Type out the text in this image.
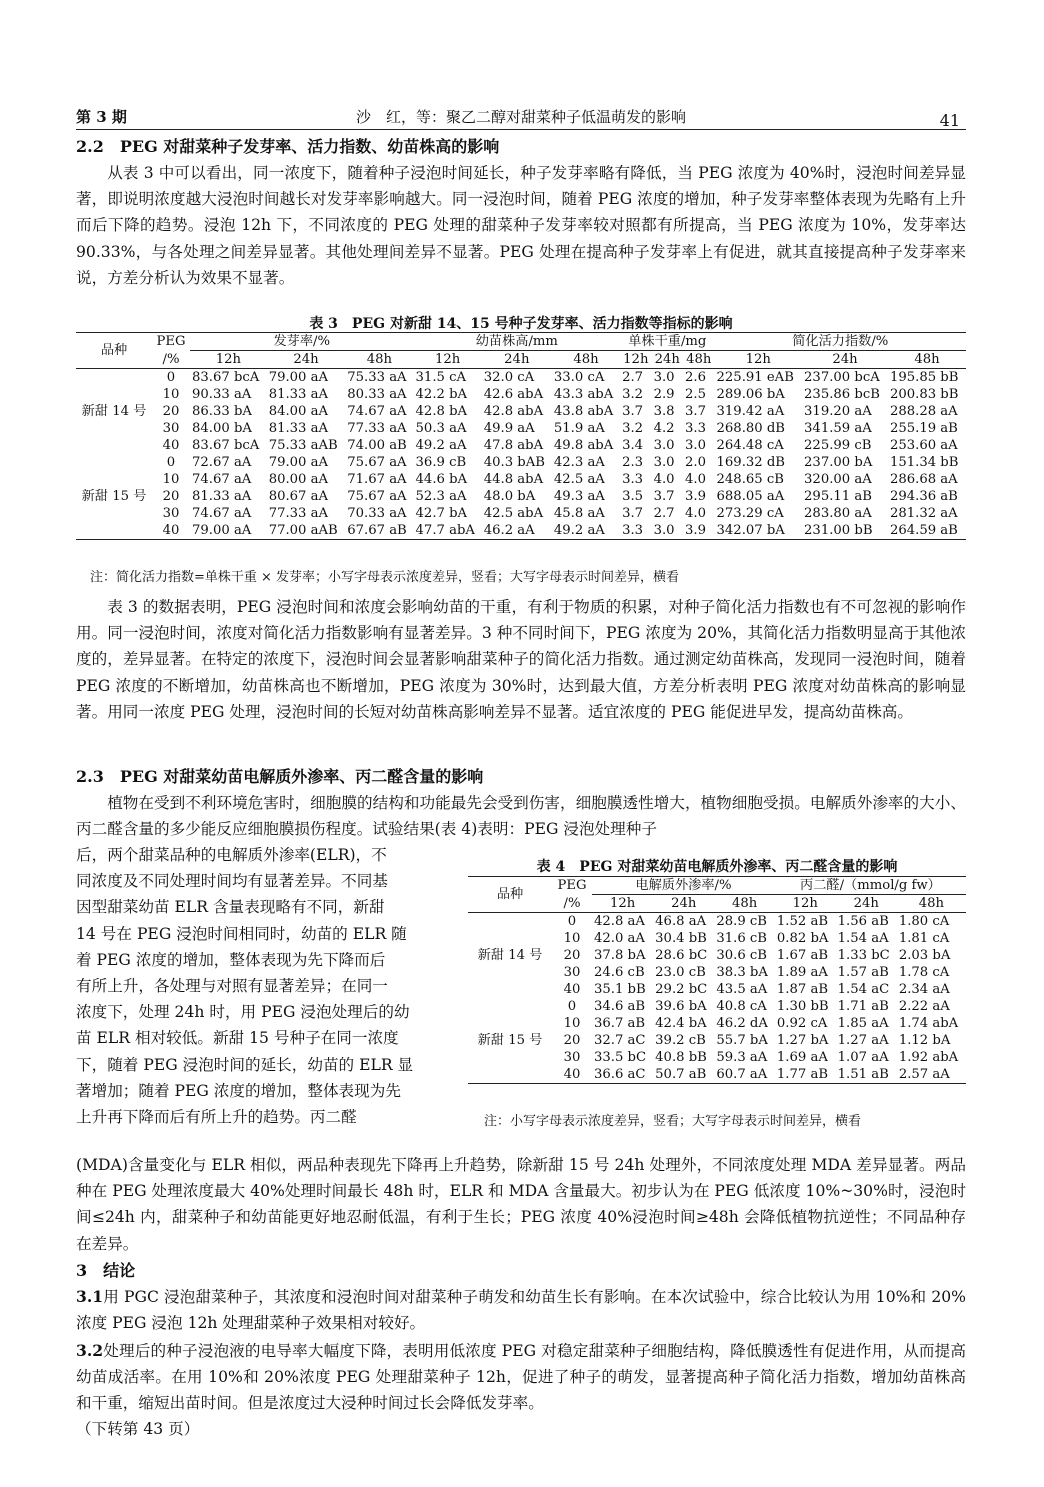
第 3 期	沙　红，等：聚乙二醇对甜菜种子低温萌发的影响	41
2.2　PEG 对甜菜种子发芽率、活力指数、幼苗株高的影响

从表 3 中可以看出，同一浓度下，随着种子浸泡时间延长，种子发芽率略有降低，当 PEG 浓度为 40%时，浸泡时间差异显著，即说明浓度越大浸泡时间越长对发芽率影响越大。同一浸泡时间，随着 PEG 浓度的增加，种子发芽率整体表现为先略有上升而后下降的趋势。浸泡 12h 下，不同浓度的 PEG 处理的甜菜种子发芽率较对照都有所提高，当 PEG 浓度为 10%，发芽率达 90.33%，与各处理之间差异显著。其他处理间差异不显著。PEG 处理在提高种子发芽率上有促进，就其直接提高种子发芽率来说，方差分析认为效果不显著。

表 3　PEG 对新甜 14、15 号种子发芽率、活力指数等指标的影响
品种	PEG	发芽率/%			幼苗株高/mm			单株干重/mg			简化活力指数/%		
	/%	12h	24h	48h	12h	24h	48h	12h	24h	48h	12h	24h	48h
新甜 14 号	0	83.67 bcA	79.00 aA	75.33 aA	31.5 cA	32.0 cA	33.0 cA	2.7	3.0	2.6	225.91 eAB	237.00 bcA	195.85 bB
	10	90.33 aA	81.33 aA	80.33 aA	42.2 bA	42.6 abA	43.3 abA	3.2	2.9	2.5	289.06 bA	235.86 bcB	200.83 bB
	20	86.33 bA	84.00 aA	74.67 aA	42.8 bA	42.8 abA	43.8 abA	3.7	3.8	3.7	319.42 aA	319.20 aA	288.28 aA
	30	84.00 bA	81.33 aA	77.33 aA	50.3 aA	49.9 aA	51.9 aA	3.2	4.2	3.3	268.80 dB	341.59 aA	255.19 aB
	40	83.67 bcA	75.33 aAB	74.00 aB	49.2 aA	47.8 abA	49.8 abA	3.4	3.0	3.0	264.48 cA	225.99 cB	253.60 aA
新甜 15 号	0	72.67 aA	79.00 aA	75.67 aA	36.9 cB	40.3 bAB	42.3 aA	2.3	3.0	2.0	169.32 dB	237.00 bA	151.34 bB
	10	74.67 aA	80.00 aA	71.67 aA	44.6 bA	44.8 abA	42.5 aA	3.3	4.0	4.0	248.65 cB	320.00 aA	286.68 aA
	20	81.33 aA	80.67 aA	75.67 aA	52.3 aA	48.0 bA	49.3 aA	3.5	3.7	3.9	688.05 aA	295.11 aB	294.36 aB
	30	74.67 aA	77.33 aA	70.33 aA	42.7 bA	42.5 abA	45.8 aA	3.7	2.7	4.0	273.29 cA	283.80 aA	281.32 aA
	40	79.00 aA	77.00 aAB	67.67 aB	47.7 abA	46.2 aA	49.2 aA	3.3	3.0	3.9	342.07 bA	231.00 bB	264.59 aB
注：简化活力指数=单株干重 × 发芽率；小写字母表示浓度差异，竖看；大写字母表示时间差异，横看

表 3 的数据表明，PEG 浸泡时间和浓度会影响幼苗的干重，有利于物质的积累，对种子简化活力指数也有不可忽视的影响作用。同一浸泡时间，浓度对简化活力指数影响有显著差异。3 种不同时间下，PEG 浓度为 20%，其简化活力指数明显高于其他浓度的，差异显著。在特定的浓度下，浸泡时间会显著影响甜菜种子的简化活力指数。通过测定幼苗株高，发现同一浸泡时间，随着 PEG 浓度的不断增加，幼苗株高也不断增加，PEG 浓度为 30%时，达到最大值，方差分析表明 PEG 浓度对幼苗株高的影响显著。用同一浓度 PEG 处理，浸泡时间的长短对幼苗株高影响差异不显著。适宜浓度的 PEG 能促进早发，提高幼苗株高。

2.3　PEG 对甜菜幼苗电解质外渗率、丙二醛含量的影响

植物在受到不利环境危害时，细胞膜的结构和功能最先会受到伤害，细胞膜透性增大，植物细胞受损。电解质外渗率的大小、丙二醛含量的多少能反应细胞膜损伤程度。试验结果(表 4)表明：PEG 浸泡处理种子

后，两个甜菜品种的电解质外渗率(ELR)，不
同浓度及不同处理时间均有显著差异。不同基
因型甜菜幼苗 ELR 含量表现略有不同，新甜
14 号在 PEG 浸泡时间相同时，幼苗的 ELR 随
着 PEG 浓度的增加，整体表现为先下降而后
有所上升，各处理与对照有显著差异；在同一
浓度下，处理 24h 时，用 PEG 浸泡处理后的幼
苗 ELR 相对较低。新甜 15 号种子在同一浓度
下，随着 PEG 浸泡时间的延长，幼苗的 ELR 显
著增加；随着 PEG 浓度的增加，整体表现为先
上升再下降而后有所上升的趋势。丙二醛
表 4　PEG 对甜菜幼苗电解质外渗率、丙二醛含量的影响
品种	PEG	电解质外渗率/%			丙二醛/（mmol/g fw）		
	/%	12h	24h	48h	12h	24h	48h
新甜 14 号	0	42.8 aA	46.8 aA	28.9 cB	1.52 aB	1.56 aB	1.80 cA
	10	42.0 aA	30.4 bB	31.6 cB	0.82 bA	1.54 aA	1.81 cA
	20	37.8 bA	28.6 bC	30.6 cB	1.67 aB	1.33 bC	2.03 bA
	30	24.6 cB	23.0 cB	38.3 bA	1.89 aA	1.57 aB	1.78 cA
	40	35.1 bB	29.2 bC	43.5 aA	1.87 aB	1.54 aC	2.34 aA
新甜 15 号	0	34.6 aB	39.6 bA	40.8 cA	1.30 bB	1.71 aB	2.22 aA
	10	36.7 aB	42.4 bA	46.2 dA	0.92 cA	1.85 aA	1.74 abA
	20	32.7 aC	39.2 cB	55.7 bA	1.27 bA	1.27 aA	1.12 bA
	30	33.5 bC	40.8 bB	59.3 aA	1.69 aA	1.07 aA	1.92 abA
	40	36.6 aC	50.7 aB	60.7 aA	1.77 aB	1.51 aB	2.57 aA
注：小写字母表示浓度差异，竖看；大写字母表示时间差异，横看

(MDA)含量变化与 ELR 相似，两品种表现先下降再上升趋势，除新甜 15 号 24h 处理外，不同浓度处理 MDA 差异显著。两品种在 PEG 处理浓度最大 40%处理时间最长 48h 时，ELR 和 MDA 含量最大。初步认为在 PEG 低浓度 10%~30%时，浸泡时间≤24h 内，甜菜种子和幼苗能更好地忍耐低温，有利于生长；PEG 浓度 40%浸泡时间≥48h 会降低植物抗逆性；不同品种存在差异。

3　结论

3.1用 PGC 浸泡甜菜种子，其浓度和浸泡时间对甜菜种子萌发和幼苗生长有影响。在本次试验中，综合比较认为用 10%和 20%浓度 PEG 浸泡 12h 处理甜菜种子效果相对较好。

3.2处理后的种子浸泡液的电导率大幅度下降，表明用低浓度 PEG 对稳定甜菜种子细胞结构，降低膜透性有促进作用，从而提高幼苗成活率。在用 10%和 20%浓度 PEG 处理甜菜种子 12h，促进了种子的萌发，显著提高种子简化活力指数，增加幼苗株高和干重，缩短出苗时间。但是浓度过大浸种时间过长会降低发芽率。

（下转第 43 页）
